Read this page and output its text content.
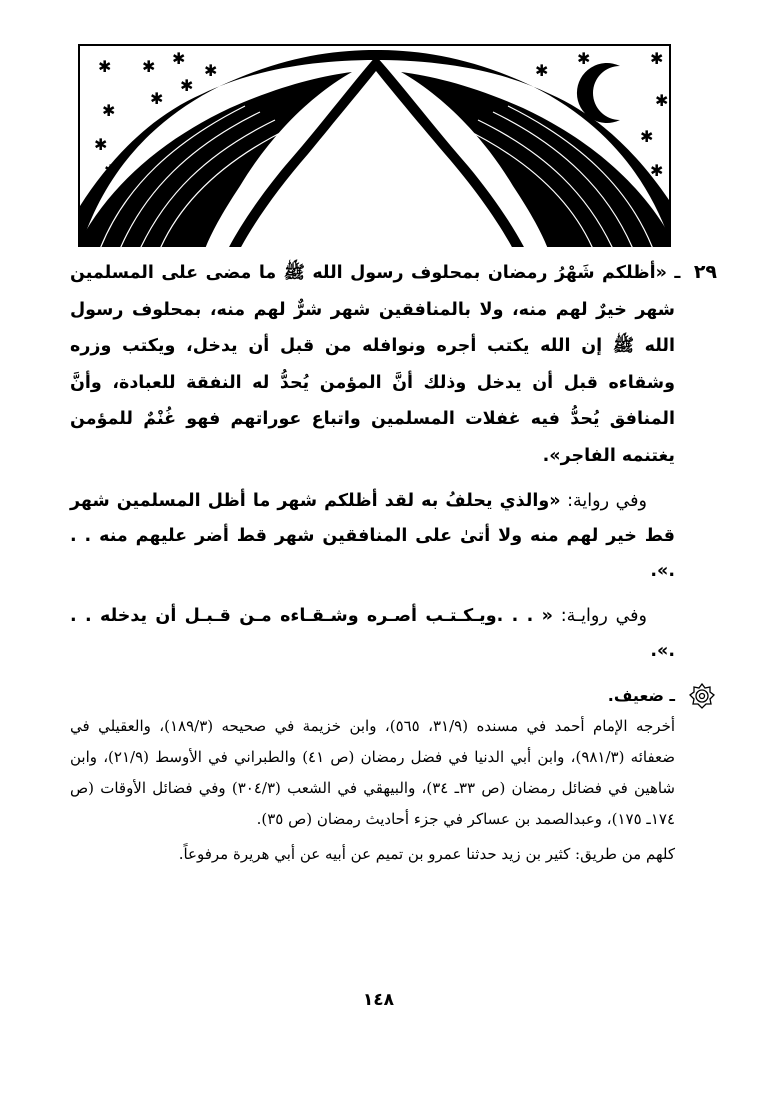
✱ ✱ ✱
✱
✱
✱
✱
✱
✱
✱
✱
✱
✱
✱
✱

٢٩ ـ «أظلكم شَهْرُ رمضان بمحلوف رسول الله ﷺ ما مضى على المسلمين شهر خيرٌ لهم منه، ولا بالمنافقين شهر شرٌّ لهم منه، بمحلوف رسول الله ﷺ إن الله يكتب أجره ونوافله من قبل أن يدخل، ويكتب وزره وشقاءه قبل أن يدخل وذلك أنَّ المؤمن يُحدُّ له النفقة للعبادة، وأنَّ المنافق يُحدُّ فيه غفلات المسلمين واتباع عوراتهم فهو غُنْمٌ للمؤمن يغتنمه الفاجر».

وفي رواية: «والذي يحلفُ به لقد أظلكم شهر ما أظل المسلمين شهر قط خير لهم منه ولا أتىٰ على المنافقين شهر قط أضر عليهم منه . . .».

وفي روايـة: « . . .ويـكـتـب أصـره وشـقـاءه مـن قـبـل أن يدخله . . .».

ـ ضعيف.

أخرجه الإمام أحمد في مسنده (٣١/٩، ٥٦٥)، وابن خزيمة في صحيحه (١٨٩/٣)، والعقيلي في ضعفائه (٩٨١/٣)، وابن أبي الدنيا في فضل رمضان (ص ٤١) والطبراني في الأوسط (٢١/٩)، وابن شاهين في فضائل رمضان (ص ٣٣ـ ٣٤)، والبيهقي في الشعب (٣٠٤/٣) وفي فضائل الأوقات (ص ١٧٤ـ ١٧٥)، وعبدالصمد بن عساكر في جزء أحاديث رمضان (ص ٣٥).

كلهم من طريق: كثير بن زيد حدثنا عمرو بن تميم عن أبيه عن أبي هريرة مرفوعاً.

١٤٨
